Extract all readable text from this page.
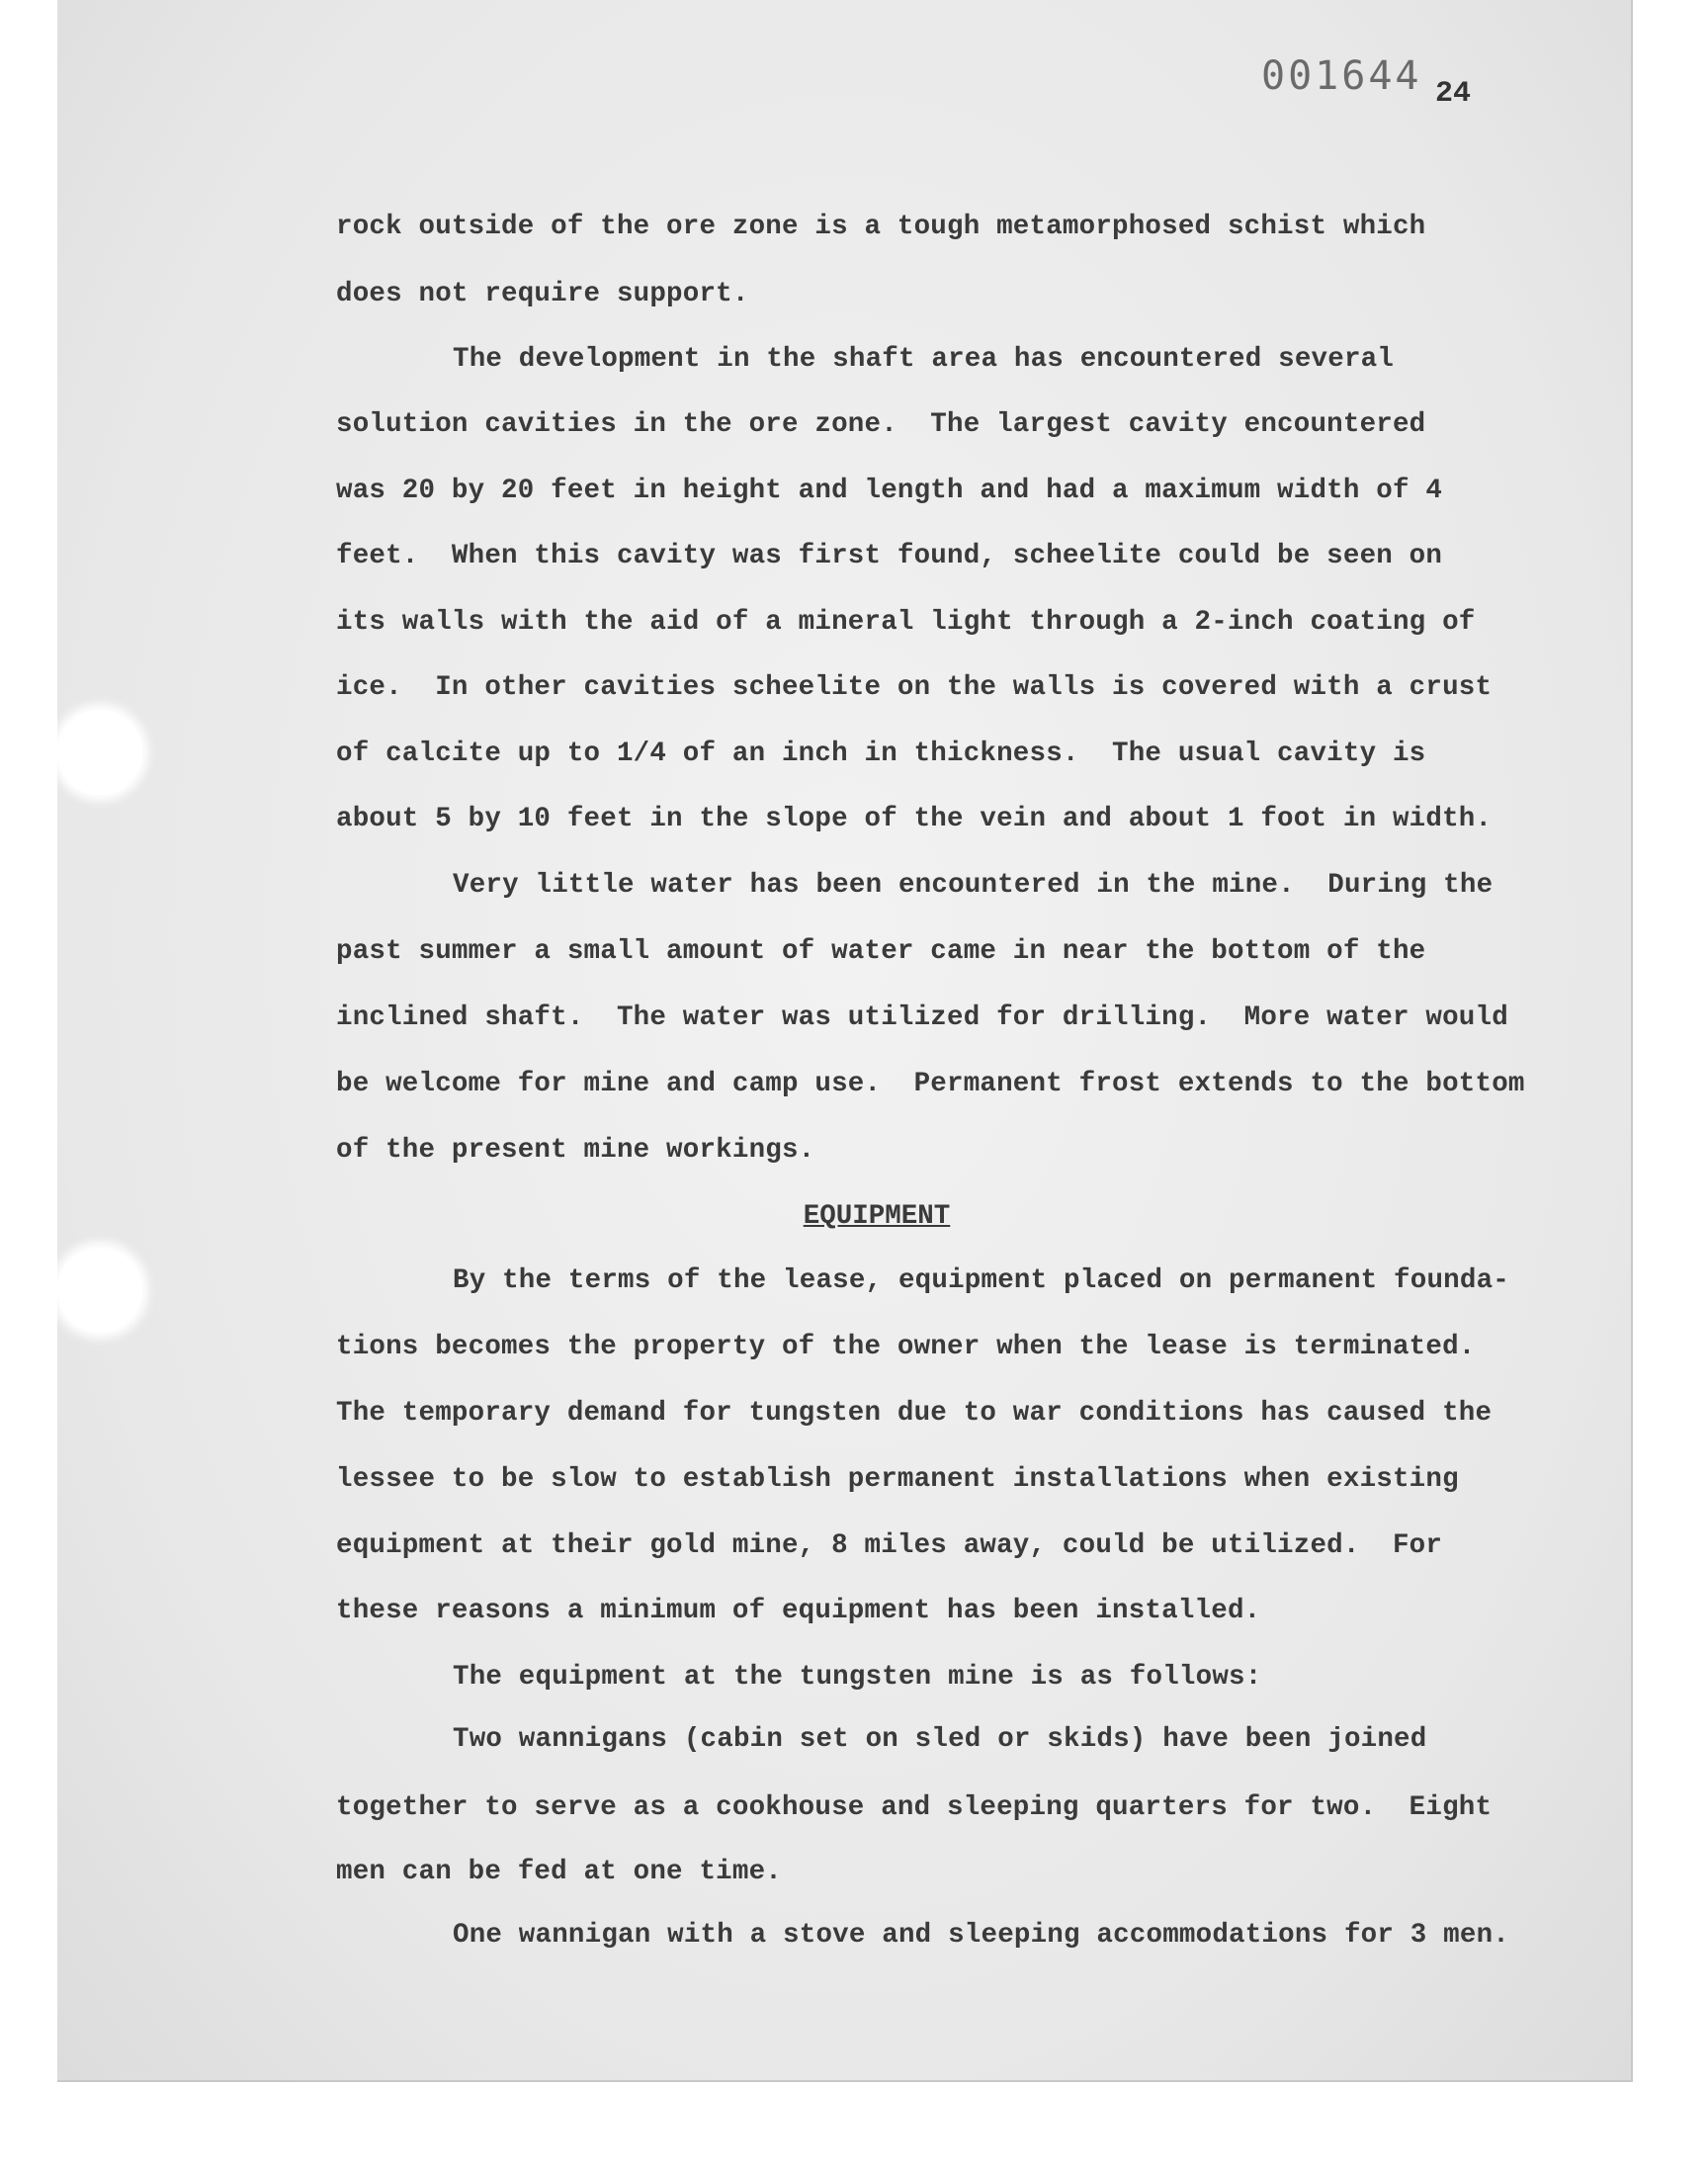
001644 24

rock outside of the ore zone is a tough metamorphosed schist which

does not require support.

The development in the shaft area has encountered several

solution cavities in the ore zone.  The largest cavity encountered

was 20 by 20 feet in height and length and had a maximum width of 4

feet.  When this cavity was first found, scheelite could be seen on

its walls with the aid of a mineral light through a 2-inch coating of

ice.  In other cavities scheelite on the walls is covered with a crust

of calcite up to 1/4 of an inch in thickness.  The usual cavity is

about 5 by 10 feet in the slope of the vein and about 1 foot in width.

Very little water has been encountered in the mine.  During the

past summer a small amount of water came in near the bottom of the

inclined shaft.  The water was utilized for drilling.  More water would

be welcome for mine and camp use.  Permanent frost extends to the bottom

of the present mine workings.

EQUIPMENT

By the terms of the lease, equipment placed on permanent founda-

tions becomes the property of the owner when the lease is terminated.

The temporary demand for tungsten due to war conditions has caused the

lessee to be slow to establish permanent installations when existing

equipment at their gold mine, 8 miles away, could be utilized.  For

these reasons a minimum of equipment has been installed.

The equipment at the tungsten mine is as follows:

Two wannigans (cabin set on sled or skids) have been joined

together to serve as a cookhouse and sleeping quarters for two.  Eight

men can be fed at one time.

One wannigan with a stove and sleeping accommodations for 3 men.
